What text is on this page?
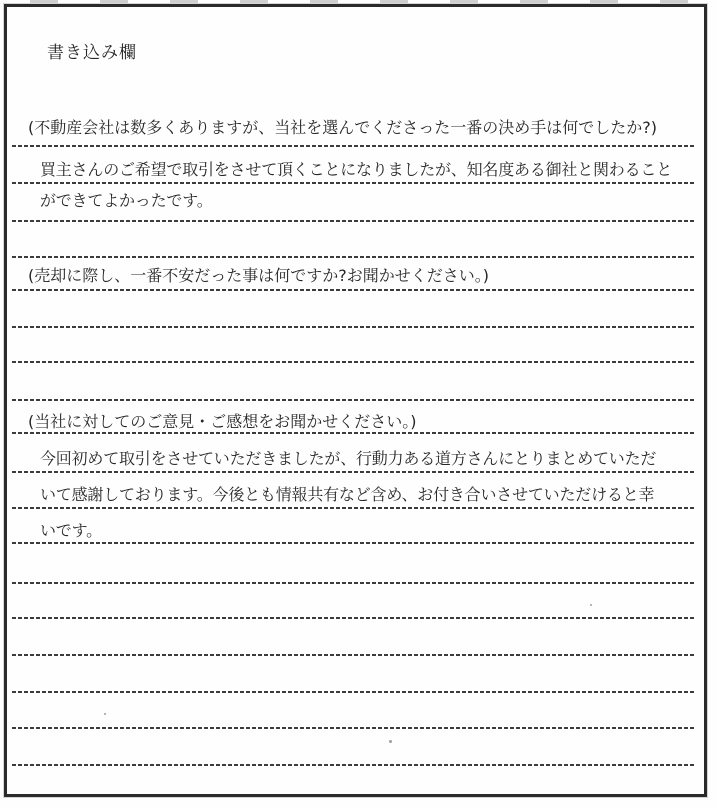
書き込み欄
(不動産会社は数多くありますが、当社を選んでくださった一番の決め手は何でしたか?)
買主さんのご希望で取引をさせて頂くことになりましたが、知名度ある御社と関わること
ができてよかったです。
(売却に際し、一番不安だった事は何ですか?お聞かせください。)
(当社に対してのご意見・ご感想をお聞かせください。)
今回初めて取引をさせていただきましたが、行動力ある道方さんにとりまとめていただ
いて感謝しております。今後とも情報共有など含め、お付き合いさせていただけると幸
いです。
